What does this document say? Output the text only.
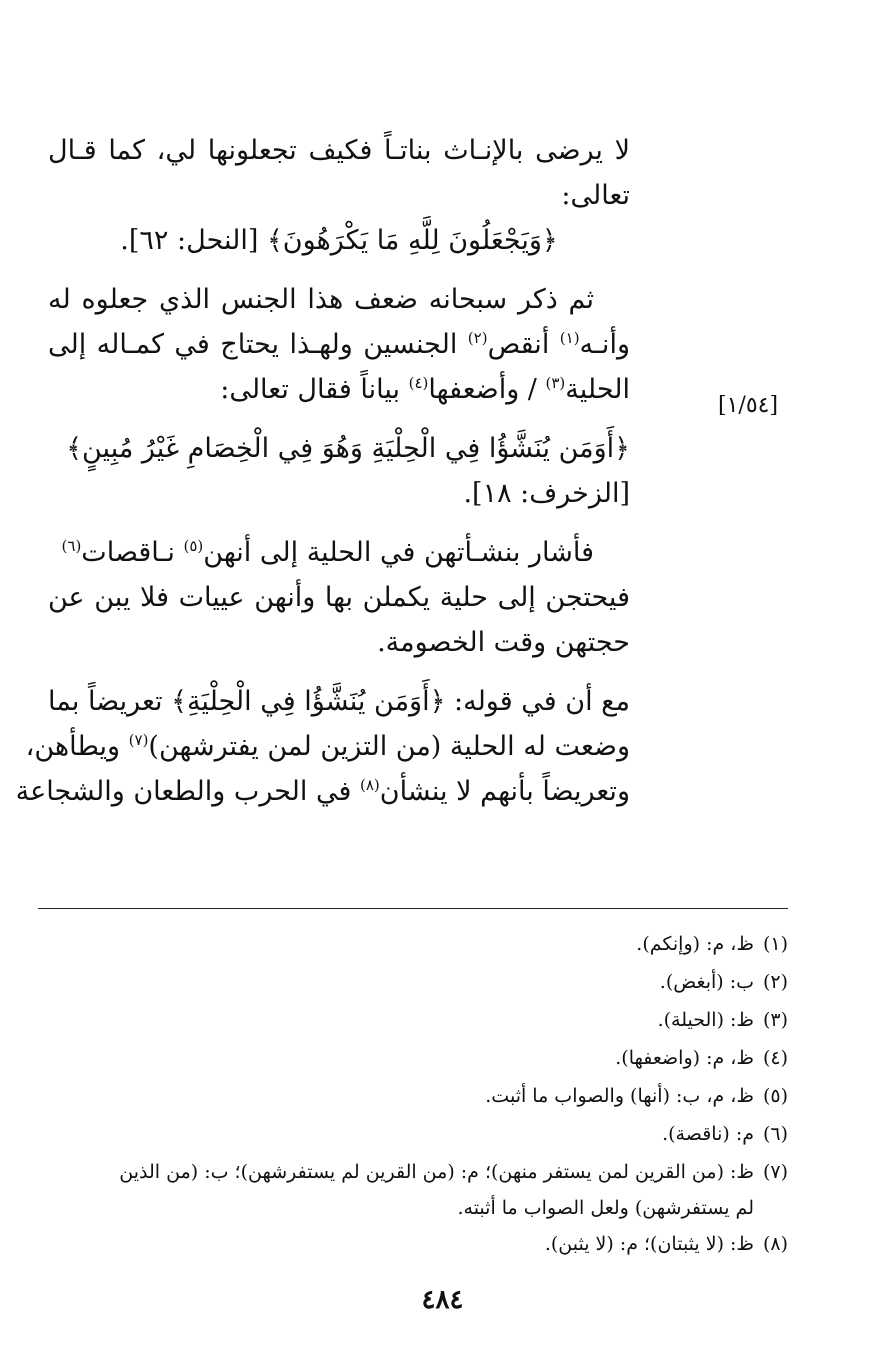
[١/٥٤]
لا يرضى بالإنـاث بناتـاً فكيف تجعلونها لي، كما قـال
تعالى:
﴿وَيَجْعَلُونَ لِلَّهِ مَا يَكْرَهُونَ﴾ [النحل: ٦٢].
ثم ذكر سبحانه ضعف هذا الجنس الذي جعلوه له
وأنـه$^{(١)}$ أنقص$^{(٢)}$ الجنسين ولهـذا يحتاج في كمـاله إلى
الحلية$^{(٣)}$ / وأضعفها$^{(٤)}$ بياناً فقال تعالى:
﴿أَوَمَن يُنَشَّؤُا فِي الْحِلْيَةِ وَهُوَ فِي الْخِصَامِ غَيْرُ مُبِينٍ﴾
[الزخرف: ١٨].
فأشار بنشـأتهن في الحلية إلى أنهن$^{(٥)}$ نـاقصات$^{(٦)}$
فيحتجن إلى حلية يكملن بها وأنهن عييات فلا يبن عن
حجتهن وقت الخصومة.
مع أن في قوله: ﴿أَوَمَن يُنَشَّؤُا فِي الْحِلْيَةِ﴾ تعريضاً بما
وضعت له الحلية (من التزين لمن يفترشهن)$^{(٧)}$ ويطأهن،
وتعريضاً بأنهم لا ينشأن$^{(٨)}$ في الحرب والطعان والشجاعة
(١)ظ، م: (وإنكم).
(٢)ب: (أبغض).
(٣)ظ: (الحيلة).
(٤)ظ، م: (واضعفها).
(٥)ظ، م، ب: (أنها) والصواب ما أثبت.
(٦)م: (ناقصة).
(٧)ظ: (من القرين لمن يستفر منهن)؛ م: (من القرين لم يستفرشهن)؛ ب: (من الذين
لم يستفرشهن) ولعل الصواب ما أثبته.
(٨)ظ: (لا يثبتان)؛ م: (لا يثبن).
٤٨٤
